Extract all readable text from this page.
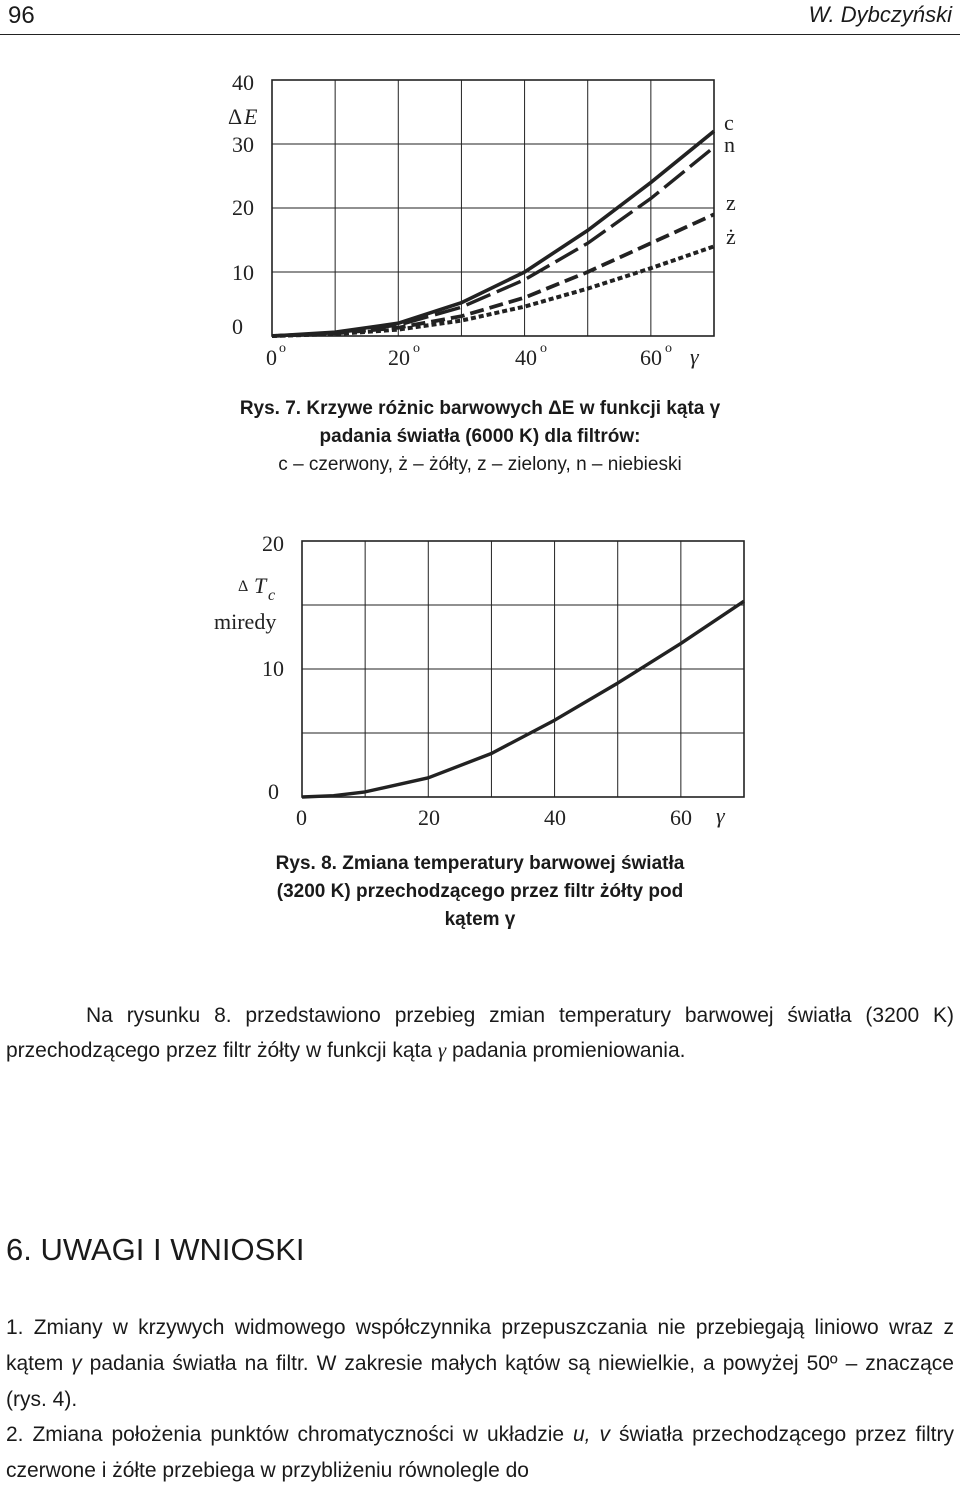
96	W. Dybczyński
0
10
20
30
40
0 o	20 o	40 o	60 o
Δ E
γ
c
n
z
ż
Rys. 7. Krzywe różnic barwowych ΔE w funkcji kąta γ
padania światła (6000 K) dla filtrów:
c – czerwony, ż – żółty, z – zielony, n – niebieski
0
10
20
0	20	40	60
Δ T c
miredy
γ
Rys. 8. Zmiana temperatury barwowej światła
(3200 K) przechodzącego przez filtr żółty pod
kątem γ
Na rysunku 8. przedstawiono przebieg zmian temperatury barwowej światła (3200 K) przechodzącego przez filtr żółty w funkcji kąta γ padania promieniowania.
6. UWAGI I WNIOSKI
1. Zmiany w krzywych widmowego współczynnika przepuszczania nie przebiegają liniowo wraz z kątem γ padania światła na filtr. W zakresie małych kątów są niewielkie, a powyżej 50º – znaczące (rys. 4).
2. Zmiana położenia punktów chromatyczności w układzie u, v światła przechodzącego przez filtry czerwone i żółte przebiega w przybliżeniu równolegle do
